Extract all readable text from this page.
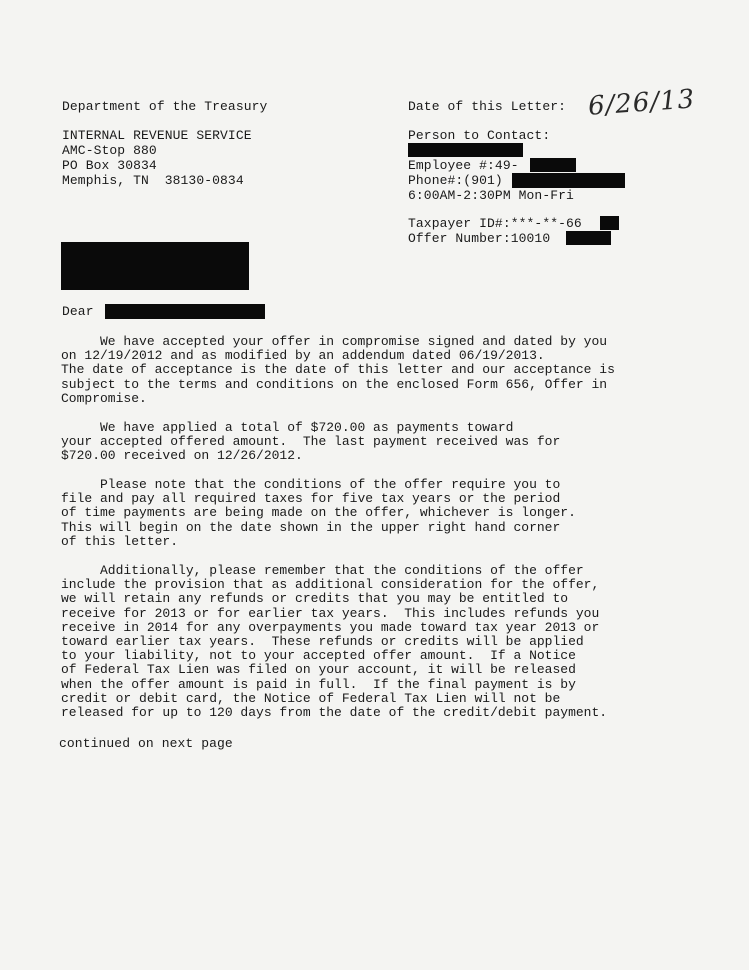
Department of the Treasury
INTERNAL REVENUE SERVICE
AMC-Stop 880
PO Box 30834
Memphis, TN  38130-0834
Date of this Letter: 6/26/13
Person to Contact:
Employee #:49-
Phone#:(901)
6:00AM-2:30PM Mon-Fri
Taxpayer ID#:***-**-66
Offer Number:10010
Dear
We have accepted your offer in compromise signed and dated by you
on 12/19/2012 and as modified by an addendum dated 06/19/2013.
The date of acceptance is the date of this letter and our acceptance is
subject to the terms and conditions on the enclosed Form 656, Offer in
Compromise.
We have applied a total of $720.00 as payments toward
your accepted offered amount.  The last payment received was for
$720.00 received on 12/26/2012.
Please note that the conditions of the offer require you to
file and pay all required taxes for five tax years or the period
of time payments are being made on the offer, whichever is longer.
This will begin on the date shown in the upper right hand corner
of this letter.
Additionally, please remember that the conditions of the offer
include the provision that as additional consideration for the offer,
we will retain any refunds or credits that you may be entitled to
receive for 2013 or for earlier tax years.  This includes refunds you
receive in 2014 for any overpayments you made toward tax year 2013 or
toward earlier tax years.  These refunds or credits will be applied
to your liability, not to your accepted offer amount.  If a Notice
of Federal Tax Lien was filed on your account, it will be released
when the offer amount is paid in full.  If the final payment is by
credit or debit card, the Notice of Federal Tax Lien will not be
released for up to 120 days from the date of the credit/debit payment.
continued on next page
